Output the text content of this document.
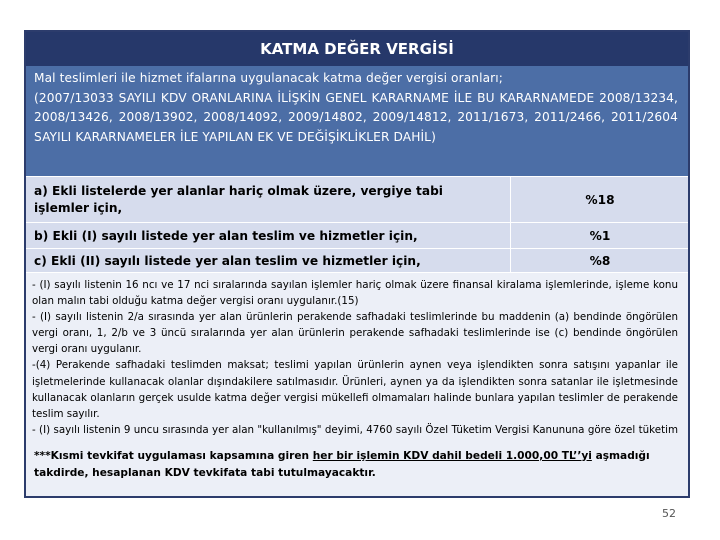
KATMA DEĞER VERGİSİ
Mal teslimleri ile hizmet ifalarına uygulanacak katma değer vergisi oranları;
(2007/13033 SAYILI KDV ORANLARINA İLİŞKİN GENEL KARARNAME İLE BU KARARNAMEDE 2008/13234, 2008/13426, 2008/13902, 2008/14092, 2009/14802, 2009/14812, 2011/1673, 2011/2466, 2011/2604 SAYILI KARARNAMELER İLE YAPILAN EK VE DEĞİŞİKLİKLER DAHİL)
a) Ekli listelerde yer alanlar hariç olmak üzere, vergiye tabi işlemler için,
%18
b) Ekli (I) sayılı listede yer alan teslim ve hizmetler için,	%1

- (I) sayılı listenin 16 ncı ve 17 nci sıralarında sayılan işlemler hariç olmak üzere finansal kiralama işlemlerinde, işleme konu olan malın tabi olduğu katma değer vergisi oranı uygulanır.(15)

- (I) sayılı listenin 2/a sırasında yer alan ürünlerin perakende safhadaki teslimlerinde bu maddenin (a) bendinde öngörülen vergi oranı, 1, 2/b ve 3 üncü sıralarında yer alan ürünlerin perakende safhadaki teslimlerinde ise (c) bendinde öngörülen vergi oranı uygulanır.

-(4) Perakende safhadaki teslimden maksat; teslimi yapılan ürünlerin aynen veya işlendikten sonra satışını yapanlar ile işletmelerinde kullanacak olanlar dışındakilere satılmasıdır. Ürünleri, aynen ya da işlendikten sonra satanlar ile işletmesinde kullanacak olanların gerçek usulde katma değer vergisi mükellefi olmamaları halinde bunlara yapılan teslimler de perakende teslim sayılır.

- (I) sayılı listenin 9 uncu sırasında yer alan "kullanılmış" deyimi, 4760 sayılı Özel Tüketim Vergisi Kanununa göre özel tüketim

c) Ekli (II) sayılı listede yer alan teslim ve hizmetler için,	%8
***Kısmi tevkifat uygulaması kapsamına giren her bir işlemin KDV dahil bedeli 1.000,00 TL’’yi aşmadığı takdirde, hesaplanan KDV tevkifata tabi tutulmayacaktır.
52
